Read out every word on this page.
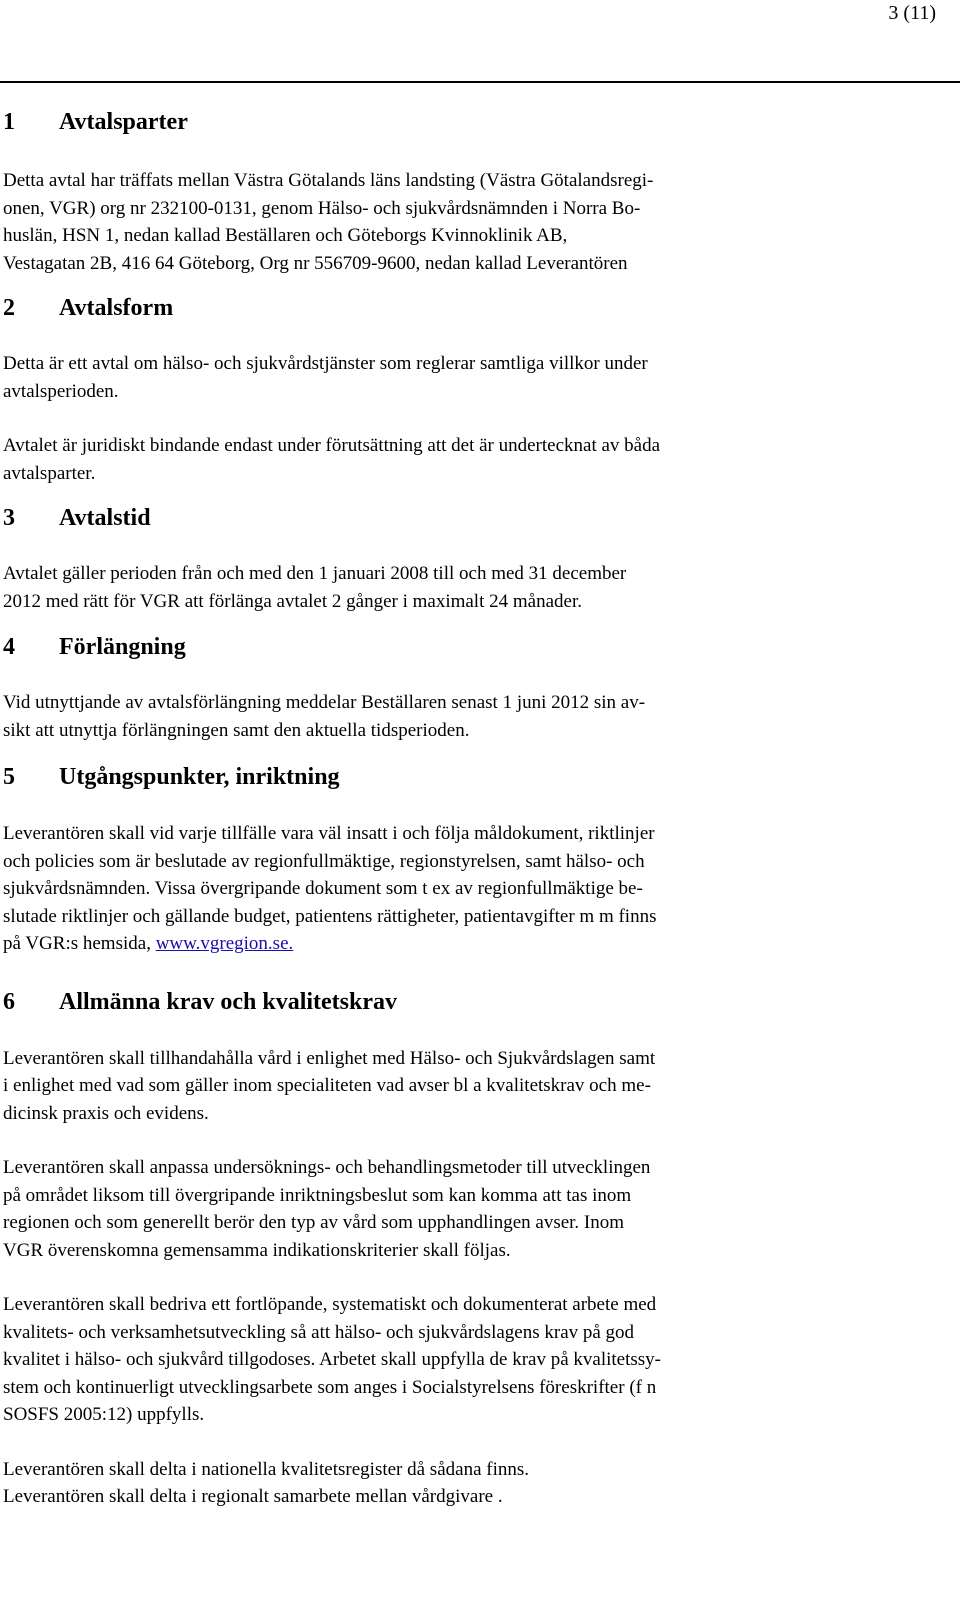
3 (11)
1 Avtalsparter

Detta avtal har träffats mellan Västra Götalands läns landsting (Västra Götalandsregi-
onen, VGR) org nr 232100-0131, genom Hälso- och sjukvårdsnämnden i Norra Bo-
huslän, HSN 1, nedan kallad Beställaren och Göteborgs Kvinnoklinik AB,
Vestagatan 2B, 416 64 Göteborg, Org nr 556709-9600, nedan kallad Leverantören

2 Avtalsform

Detta är ett avtal om hälso- och sjukvårdstjänster som reglerar samtliga villkor under
avtalsperioden.

Avtalet är juridiskt bindande endast under förutsättning att det är undertecknat av båda
avtalsparter.

3 Avtalstid

Avtalet gäller perioden från och med den 1 januari 2008 till och med 31 december
2012 med rätt för VGR att förlänga avtalet 2 gånger i maximalt 24 månader.

4 Förlängning

Vid utnyttjande av avtalsförlängning meddelar Beställaren senast 1 juni 2012 sin av-
sikt att utnyttja förlängningen samt den aktuella tidsperioden.

5 Utgångspunkter, inriktning

Leverantören skall vid varje tillfälle vara väl insatt i och följa måldokument, riktlinjer
och policies som är beslutade av regionfullmäktige, regionstyrelsen, samt hälso- och
sjukvårdsnämnden. Vissa övergripande dokument som t ex av regionfullmäktige be-
slutade riktlinjer och gällande budget, patientens rättigheter, patientavgifter m m finns
på VGR:s hemsida, www.vgregion.se.

6 Allmänna krav och kvalitetskrav

Leverantören skall tillhandahålla vård i enlighet med Hälso- och Sjukvårdslagen samt
i enlighet med vad som gäller inom specialiteten vad avser bl a kvalitetskrav och me-
dicinsk praxis och evidens.

Leverantören skall anpassa undersöknings- och behandlingsmetoder till utvecklingen
på området liksom till övergripande inriktningsbeslut som kan komma att tas inom
regionen och som generellt berör den typ av vård som upphandlingen avser. Inom
VGR överenskomna gemensamma indikationskriterier skall följas.

Leverantören skall bedriva ett fortlöpande, systematiskt och dokumenterat arbete med
kvalitets- och verksamhetsutveckling så att hälso- och sjukvårdslagens krav på god
kvalitet i hälso- och sjukvård tillgodoses. Arbetet skall uppfylla de krav på kvalitetssy-
stem och kontinuerligt utvecklingsarbete som anges i Socialstyrelsens föreskrifter (f n
SOSFS 2005:12) uppfylls.

Leverantören skall delta i nationella kvalitetsregister då sådana finns.
Leverantören skall delta i regionalt samarbete mellan vårdgivare .
